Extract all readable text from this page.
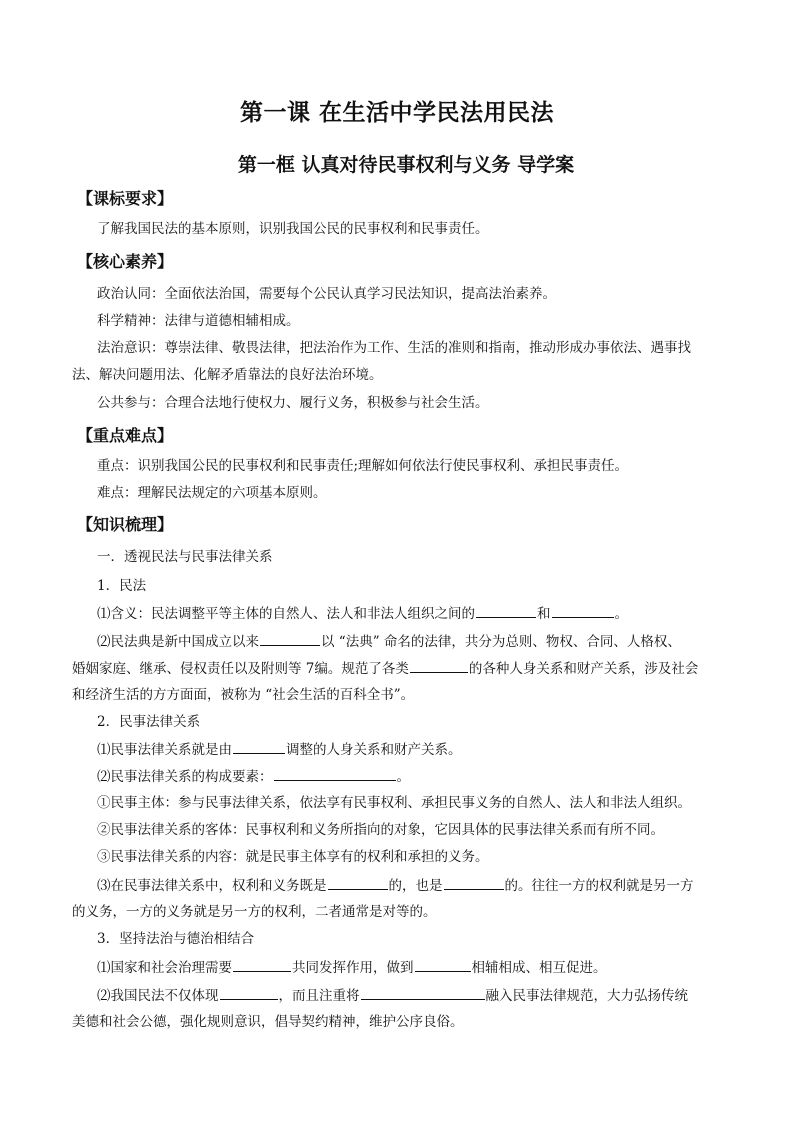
第一课 在生活中学民法用民法
第一框 认真对待民事权利与义务 导学案
【课标要求】
了解我国民法的基本原则，识别我国公民的民事权利和民事责任。
【核心素养】
政治认同：全面依法治国，需要每个公民认真学习民法知识，提高法治素养。
科学精神：法律与道德相辅相成。
法治意识：尊崇法律、敬畏法律，把法治作为工作、生活的准则和指南，推动形成办事依法、遇事找
法、解决问题用法、化解矛盾靠法的良好法治环境。
公共参与：合理合法地行使权力、履行义务，积极参与社会生活。
【重点难点】
重点：识别我国公民的民事权利和民事责任;理解如何依法行使民事权利、承担民事责任。
难点：理解民法规定的六项基本原则。
【知识梳理】
一．透视民法与民事法律关系
1．民法
⑴含义：民法调整平等主体的自然人、法人和非法人组织之间的	和	。
⑵民法典是新中国成立以来	以 “法典” 命名的法律，共分为总则、物权、合同、人格权、
婚姻家庭、继承、侵权责任以及附则等 7编。规范了各类	的各种人身关系和财产关系，涉及社会
和经济生活的方方面面，被称为 “社会生活的百科全书”。
2．民事法律关系
⑴民事法律关系就是由	调整的人身关系和财产关系。
⑵民事法律关系的构成要素：	。
①民事主体：参与民事法律关系，依法享有民事权利、承担民事义务的自然人、法人和非法人组织。
②民事法律关系的客体：民事权利和义务所指向的对象，它因具体的民事法律关系而有所不同。
③民事法律关系的内容：就是民事主体享有的权利和承担的义务。
⑶在民事法律关系中，权利和义务既是	的，也是	的。往往一方的权利就是另一方
的义务，一方的义务就是另一方的权利，二者通常是对等的。
3．坚持法治与德治相结合
⑴国家和社会治理需要	共同发挥作用，做到	相辅相成、相互促进。
⑵我国民法不仅体现	，而且注重将	融入民事法律规范，大力弘扬传统
美德和社会公德，强化规则意识，倡导契约精神，维护公序良俗。
